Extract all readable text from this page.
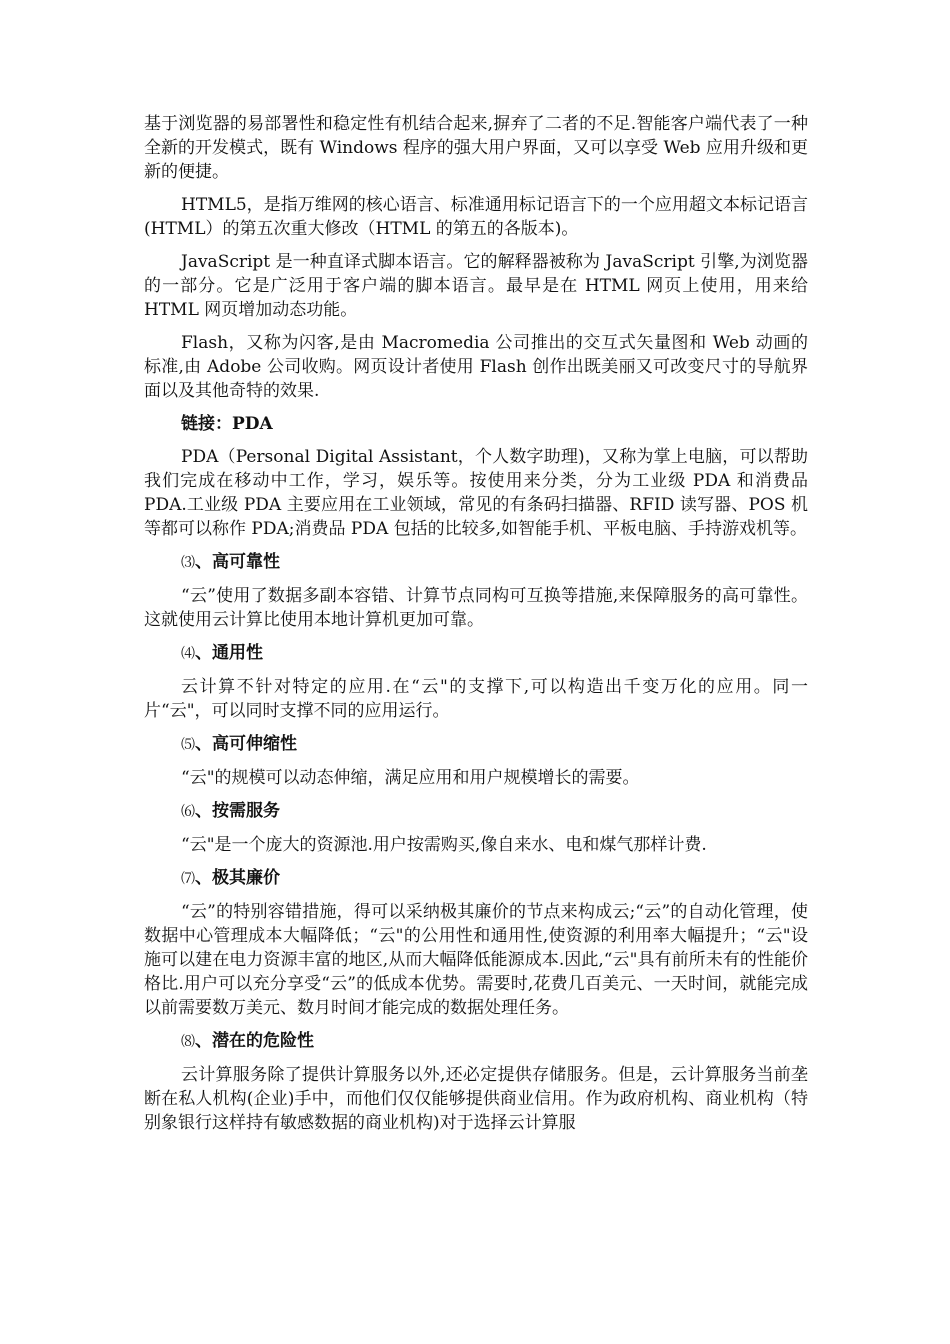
基于浏览器的易部署性和稳定性有机结合起来,摒弃了二者的不足.智能客户端代表了一种全新的开发模式，既有 Windows 程序的强大用户界面，又可以享受 Web 应用升级和更新的便捷。

HTML5，是指万维网的核心语言、标准通用标记语言下的一个应用超文本标记语言(HTML）的第五次重大修改（HTML 的第五的各版本)。

JavaScript 是一种直译式脚本语言。它的解释器被称为 JavaScript 引擎,为浏览器的一部分。它是广泛用于客户端的脚本语言。最早是在 HTML 网页上使用，用来给 HTML 网页增加动态功能。

Flash，又称为闪客,是由 Macromedia 公司推出的交互式矢量图和 Web 动画的标准,由 Adobe 公司收购。网页设计者使用 Flash 创作出既美丽又可改变尺寸的导航界面以及其他奇特的效果.

链接：PDA

PDA（Personal Digital Assistant，个人数字助理)，又称为掌上电脑，可以帮助我们完成在移动中工作，学习，娱乐等。按使用来分类，分为工业级 PDA 和消费品 PDA.工业级 PDA 主要应用在工业领域，常见的有条码扫描器、RFID 读写器、POS 机等都可以称作 PDA;消费品 PDA 包括的比较多,如智能手机、平板电脑、手持游戏机等。

⑶、高可靠性

“云”使用了数据多副本容错、计算节点同构可互换等措施,来保障服务的高可靠性。这就使用云计算比使用本地计算机更加可靠。

⑷、通用性

云计算不针对特定的应用.在“云"的支撑下,可以构造出千变万化的应用。同一片“云"，可以同时支撑不同的应用运行。

⑸、高可伸缩性

“云"的规模可以动态伸缩，满足应用和用户规模增长的需要。

⑹、按需服务

“云"是一个庞大的资源池.用户按需购买,像自来水、电和煤气那样计费.

⑺、极其廉价

“云”的特别容错措施，得可以采纳极其廉价的节点来构成云;“云”的自动化管理，使数据中心管理成本大幅降低；“云"的公用性和通用性,使资源的利用率大幅提升；“云"设施可以建在电力资源丰富的地区,从而大幅降低能源成本.因此,“云"具有前所未有的性能价格比.用户可以充分享受“云”的低成本优势。需要时,花费几百美元、一天时间，就能完成以前需要数万美元、数月时间才能完成的数据处理任务。

⑻、潜在的危险性

云计算服务除了提供计算服务以外,还必定提供存储服务。但是，云计算服务当前垄断在私人机构(企业)手中，而他们仅仅能够提供商业信用。作为政府机构、商业机构（特别象银行这样持有敏感数据的商业机构)对于选择云计算服
